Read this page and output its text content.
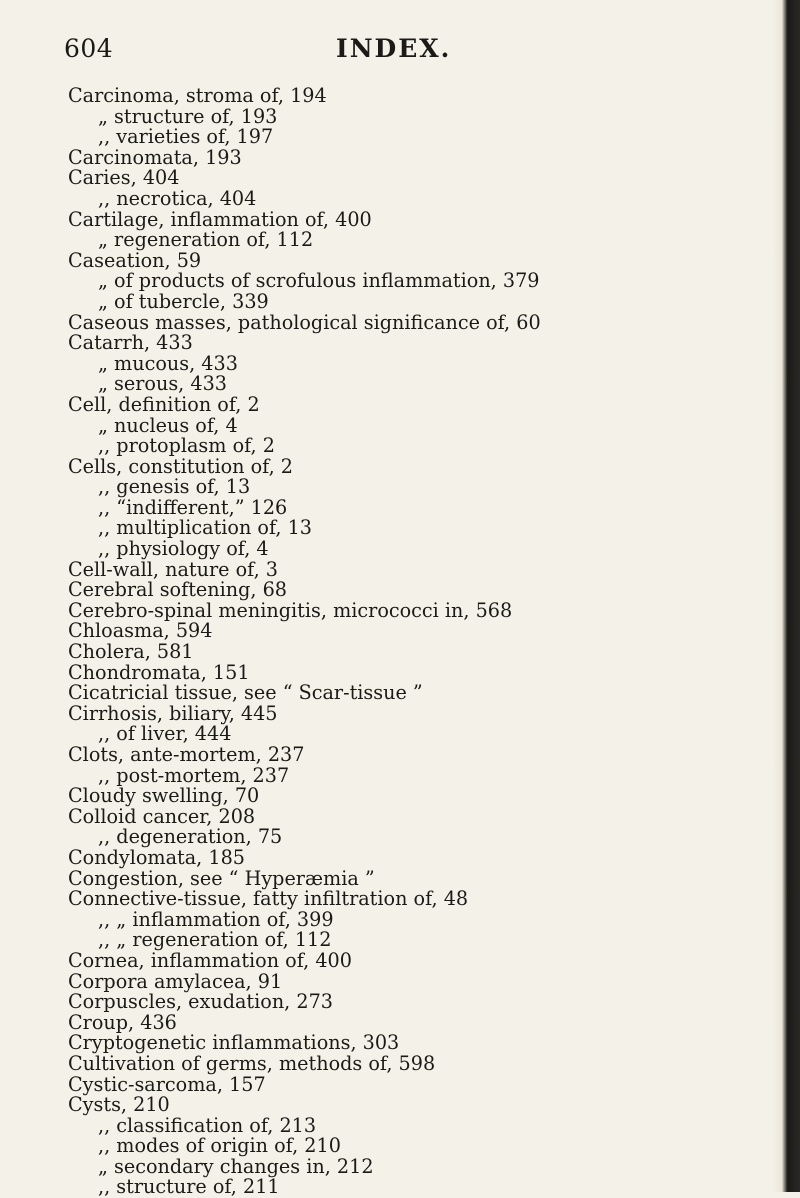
604	INDEX.
Carcinoma, stroma of, 194
„ structure of, 193
,, varieties of, 197
Carcinomata, 193
Caries, 404
,, necrotica, 404
Cartilage, inflammation of, 400
„ regeneration of, 112
Caseation, 59
„ of products of scrofulous inflammation, 379
„ of tubercle, 339
Caseous masses, pathological significance of, 60
Catarrh, 433
„ mucous, 433
„ serous, 433
Cell, definition of, 2
„ nucleus of, 4
,, protoplasm of, 2
Cells, constitution of, 2
,, genesis of, 13
,, “indifferent,” 126
,, multiplication of, 13
,, physiology of, 4
Cell-wall, nature of, 3
Cerebral softening, 68
Cerebro-spinal meningitis, micrococci in, 568
Chloasma, 594
Cholera, 581
Chondromata, 151
Cicatricial tissue, see “ Scar-tissue ”
Cirrhosis, biliary, 445
,, of liver, 444
Clots, ante-mortem, 237
,, post-mortem, 237
Cloudy swelling, 70
Colloid cancer, 208
,, degeneration, 75
Condylomata, 185
Congestion, see “ Hyperæmia ”
Connective-tissue, fatty infiltration of, 48
,, „ inflammation of, 399
,, „ regeneration of, 112
Cornea, inflammation of, 400
Corpora amylacea, 91
Corpuscles, exudation, 273
Croup, 436
Cryptogenetic inflammations, 303
Cultivation of germs, methods of, 598
Cystic-sarcoma, 157
Cysts, 210
,, classification of, 213
,, modes of origin of, 210
„ secondary changes in, 212
,, structure of, 211
